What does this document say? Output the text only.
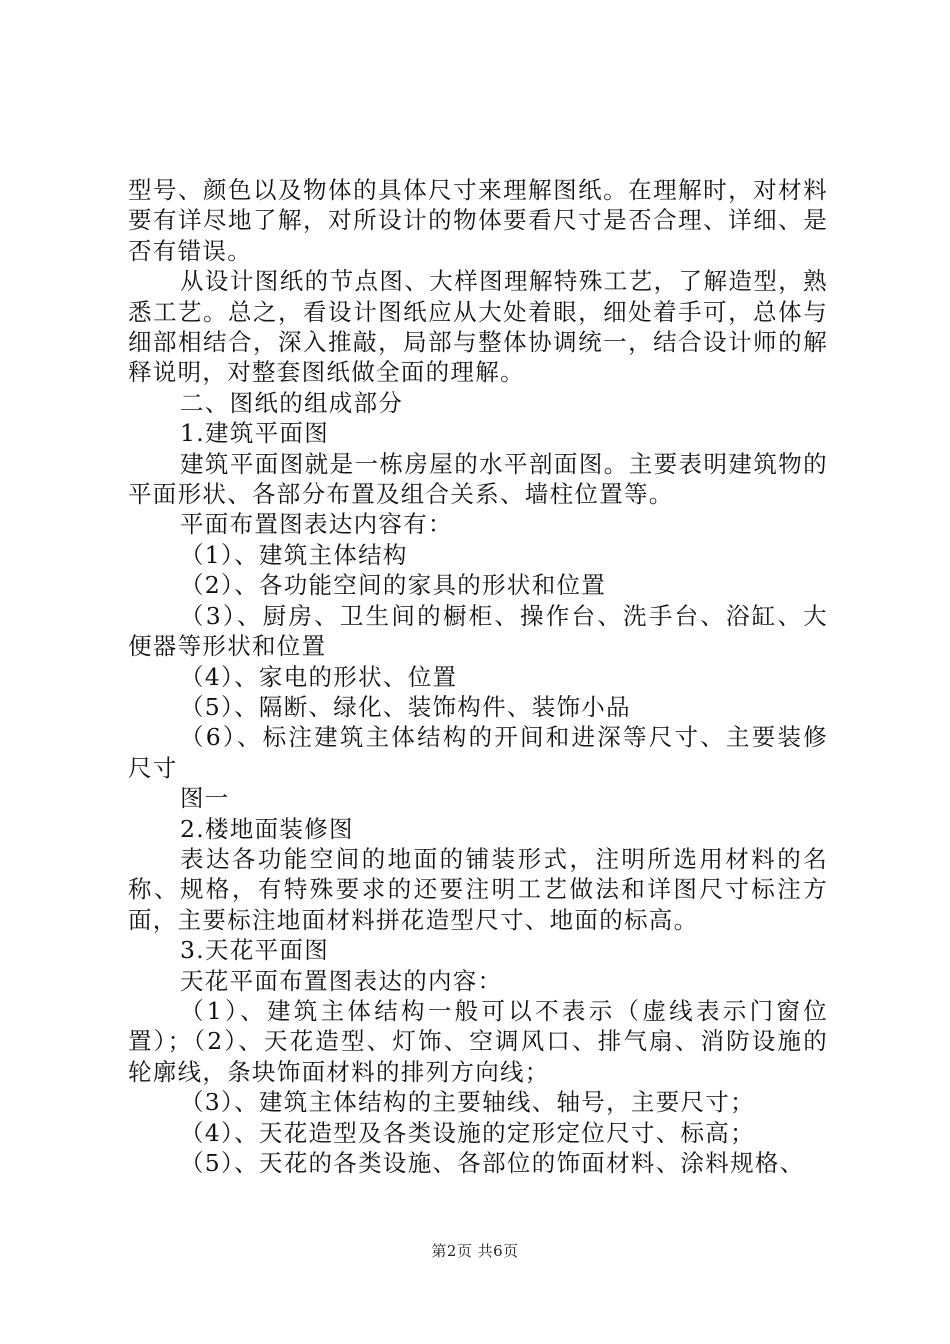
型号、颜色以及物体的具体尺寸来理解图纸。在理解时，对材料要有详尽地了解，对所设计的物体要看尺寸是否合理、详细、是否有错误。

从设计图纸的节点图、大样图理解特殊工艺，了解造型，熟悉工艺。总之，看设计图纸应从大处着眼，细处着手可，总体与细部相结合，深入推敲，局部与整体协调统一，结合设计师的解释说明，对整套图纸做全面的理解。

二、图纸的组成部分

1.建筑平面图

建筑平面图就是一栋房屋的水平剖面图。主要表明建筑物的平面形状、各部分布置及组合关系、墙柱位置等。

平面布置图表达内容有：

（1）、建筑主体结构

（2）、各功能空间的家具的形状和位置

（3）、厨房、卫生间的橱柜、操作台、洗手台、浴缸、大便器等形状和位置

（4）、家电的形状、位置

（5）、隔断、绿化、装饰构件、装饰小品

（6）、标注建筑主体结构的开间和进深等尺寸、主要装修尺寸

图一

2.楼地面装修图

表达各功能空间的地面的铺装形式，注明所选用材料的名称、规格，有特殊要求的还要注明工艺做法和详图尺寸标注方面，主要标注地面材料拼花造型尺寸、地面的标高。

3.天花平面图

天花平面布置图表达的内容：

（1）、建筑主体结构一般可以不表示（虚线表示门窗位置）；（2）、天花造型、灯饰、空调风口、排气扇、消防设施的轮廓线，条块饰面材料的排列方向线；

（3）、建筑主体结构的主要轴线、轴号，主要尺寸；

（4）、天花造型及各类设施的定形定位尺寸、标高；

（5）、天花的各类设施、各部位的饰面材料、涂料规格、

第2页 共6页
